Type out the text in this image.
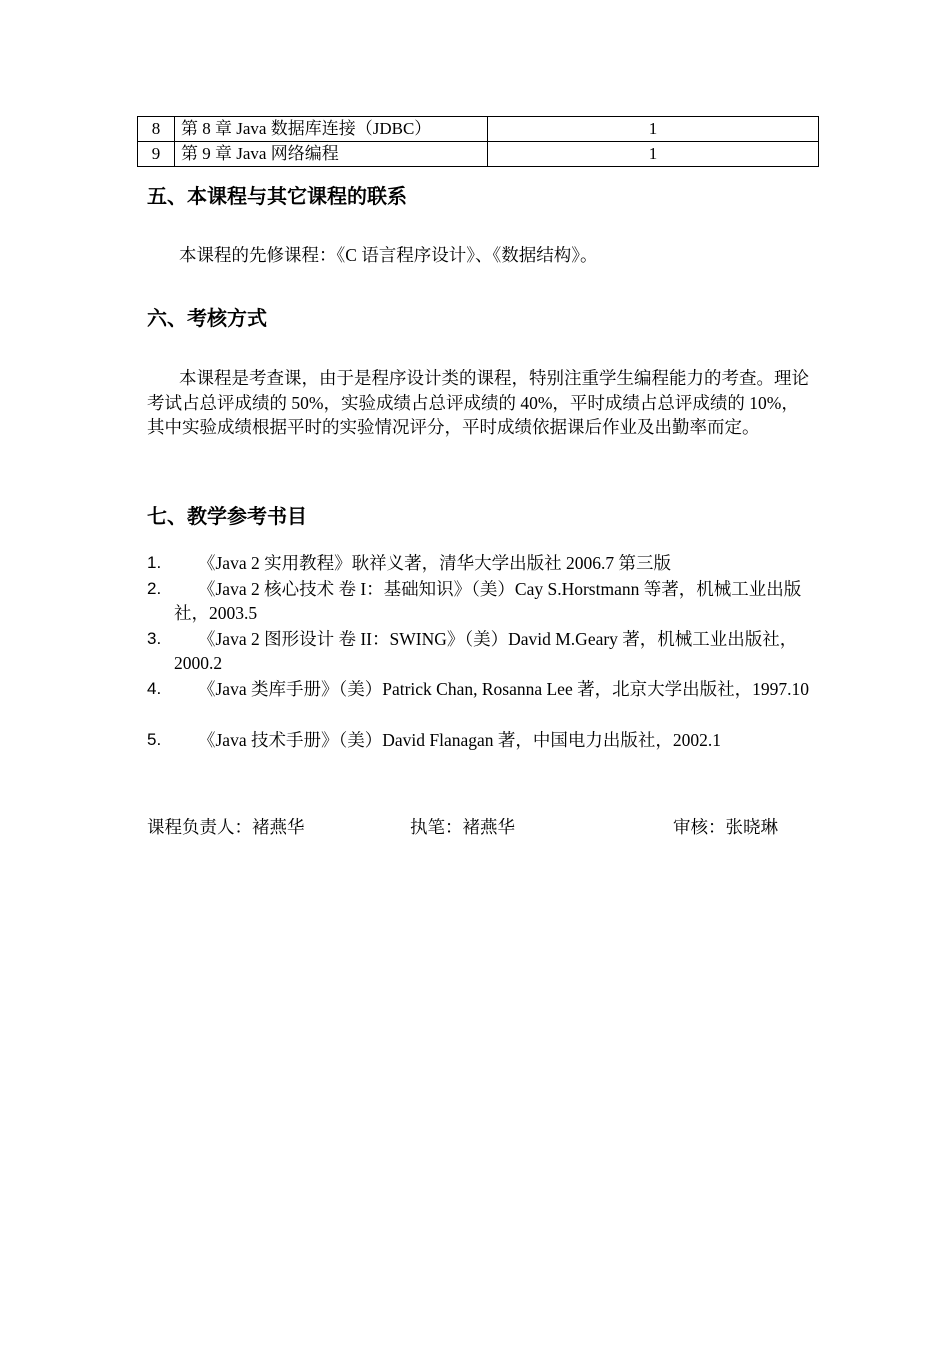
8	第 8 章 Java 数据库连接（JDBC）	1
9	第 9 章 Java 网络编程	1
五、本课程与其它课程的联系
本课程的先修课程：《C 语言程序设计》、《数据结构》。
六、考核方式
本课程是考查课，由于是程序设计类的课程，特别注重学生编程能力的考查。理论考试占总评成绩的 50%，实验成绩占总评成绩的 40%，平时成绩占总评成绩的 10%，其中实验成绩根据平时的实验情况评分，平时成绩依据课后作业及出勤率而定。
七、教学参考书目
1.	《Java 2 实用教程》耿祥义著，清华大学出版社 2006.7 第三版
2.	《Java 2 核心技术 卷 I：基础知识》（美）Cay S.Horstmann 等著，机械工业出版社，2003.5
3.	《Java 2 图形设计 卷 II：SWING》（美）David M.Geary 著，机械工业出版社，2000.2
4.	《Java 类库手册》（美）Patrick Chan, Rosanna Lee 著，北京大学出版社，1997.10
5.	《Java 技术手册》（美）David Flanagan 著，中国电力出版社，2002.1
课程负责人：褚燕华	执笔：褚燕华	审核：张晓琳
